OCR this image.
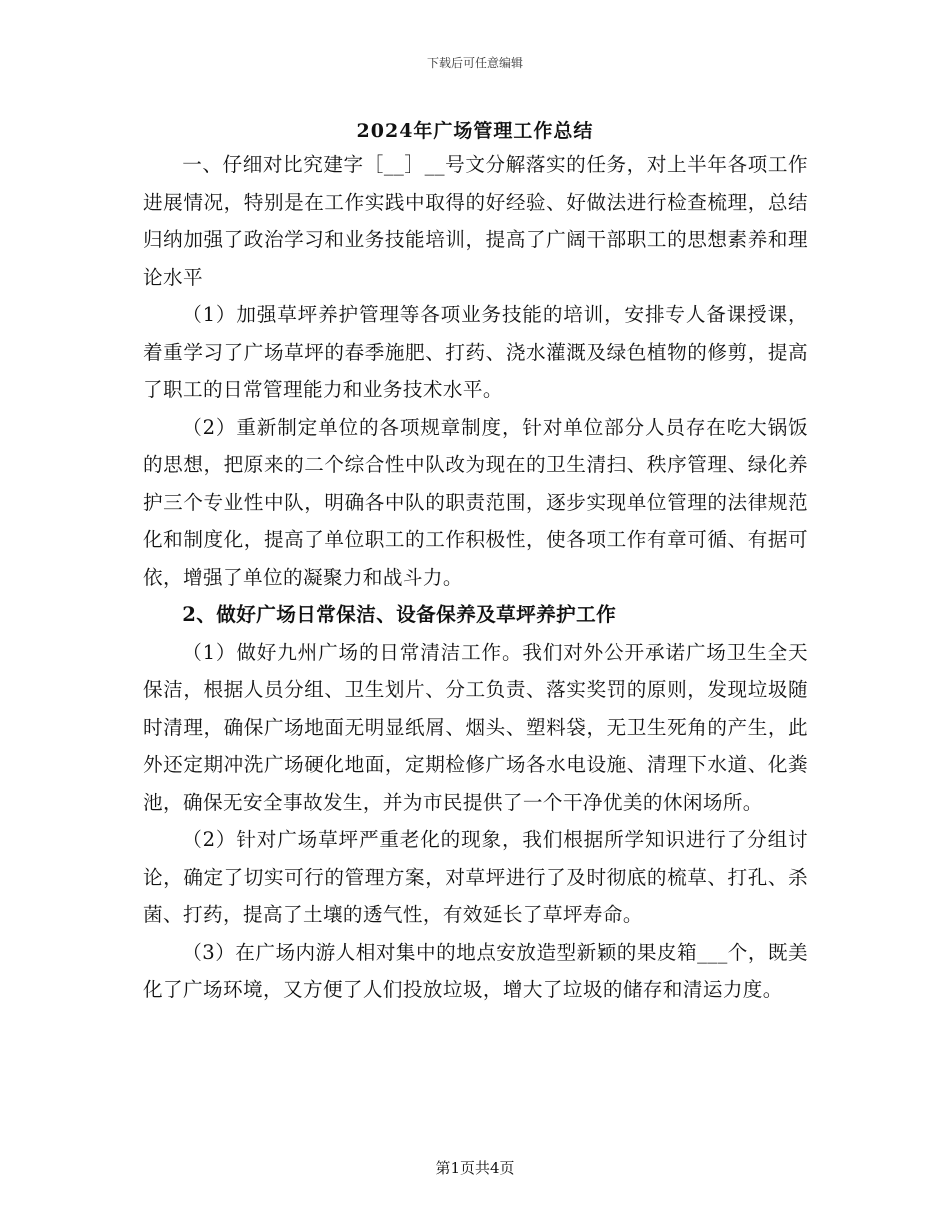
下载后可任意编辑
2024年广场管理工作总结

一、仔细对比究建字［__］__号文分解落实的任务，对上半年各项工作进展情况，特别是在工作实践中取得的好经验、好做法进行检查梳理，总结归纳加强了政治学习和业务技能培训，提高了广阔干部职工的思想素养和理论水平

（1）加强草坪养护管理等各项业务技能的培训，安排专人备课授课，着重学习了广场草坪的春季施肥、打药、浇水灌溉及绿色植物的修剪，提高了职工的日常管理能力和业务技术水平。

（2）重新制定单位的各项规章制度，针对单位部分人员存在吃大锅饭的思想，把原来的二个综合性中队改为现在的卫生清扫、秩序管理、绿化养护三个专业性中队，明确各中队的职责范围，逐步实现单位管理的法律规范化和制度化，提高了单位职工的工作积极性，使各项工作有章可循、有据可依，增强了单位的凝聚力和战斗力。

2、做好广场日常保洁、设备保养及草坪养护工作

（1）做好九州广场的日常清洁工作。我们对外公开承诺广场卫生全天保洁，根据人员分组、卫生划片、分工负责、落实奖罚的原则，发现垃圾随时清理，确保广场地面无明显纸屑、烟头、塑料袋，无卫生死角的产生，此外还定期冲洗广场硬化地面，定期检修广场各水电设施、清理下水道、化粪池，确保无安全事故发生，并为市民提供了一个干净优美的休闲场所。

（2）针对广场草坪严重老化的现象，我们根据所学知识进行了分组讨论，确定了切实可行的管理方案，对草坪进行了及时彻底的梳草、打孔、杀菌、打药，提高了土壤的透气性，有效延长了草坪寿命。

（3）在广场内游人相对集中的地点安放造型新颖的果皮箱___个，既美化了广场环境，又方便了人们投放垃圾，增大了垃圾的储存和清运力度。

第1页共4页
